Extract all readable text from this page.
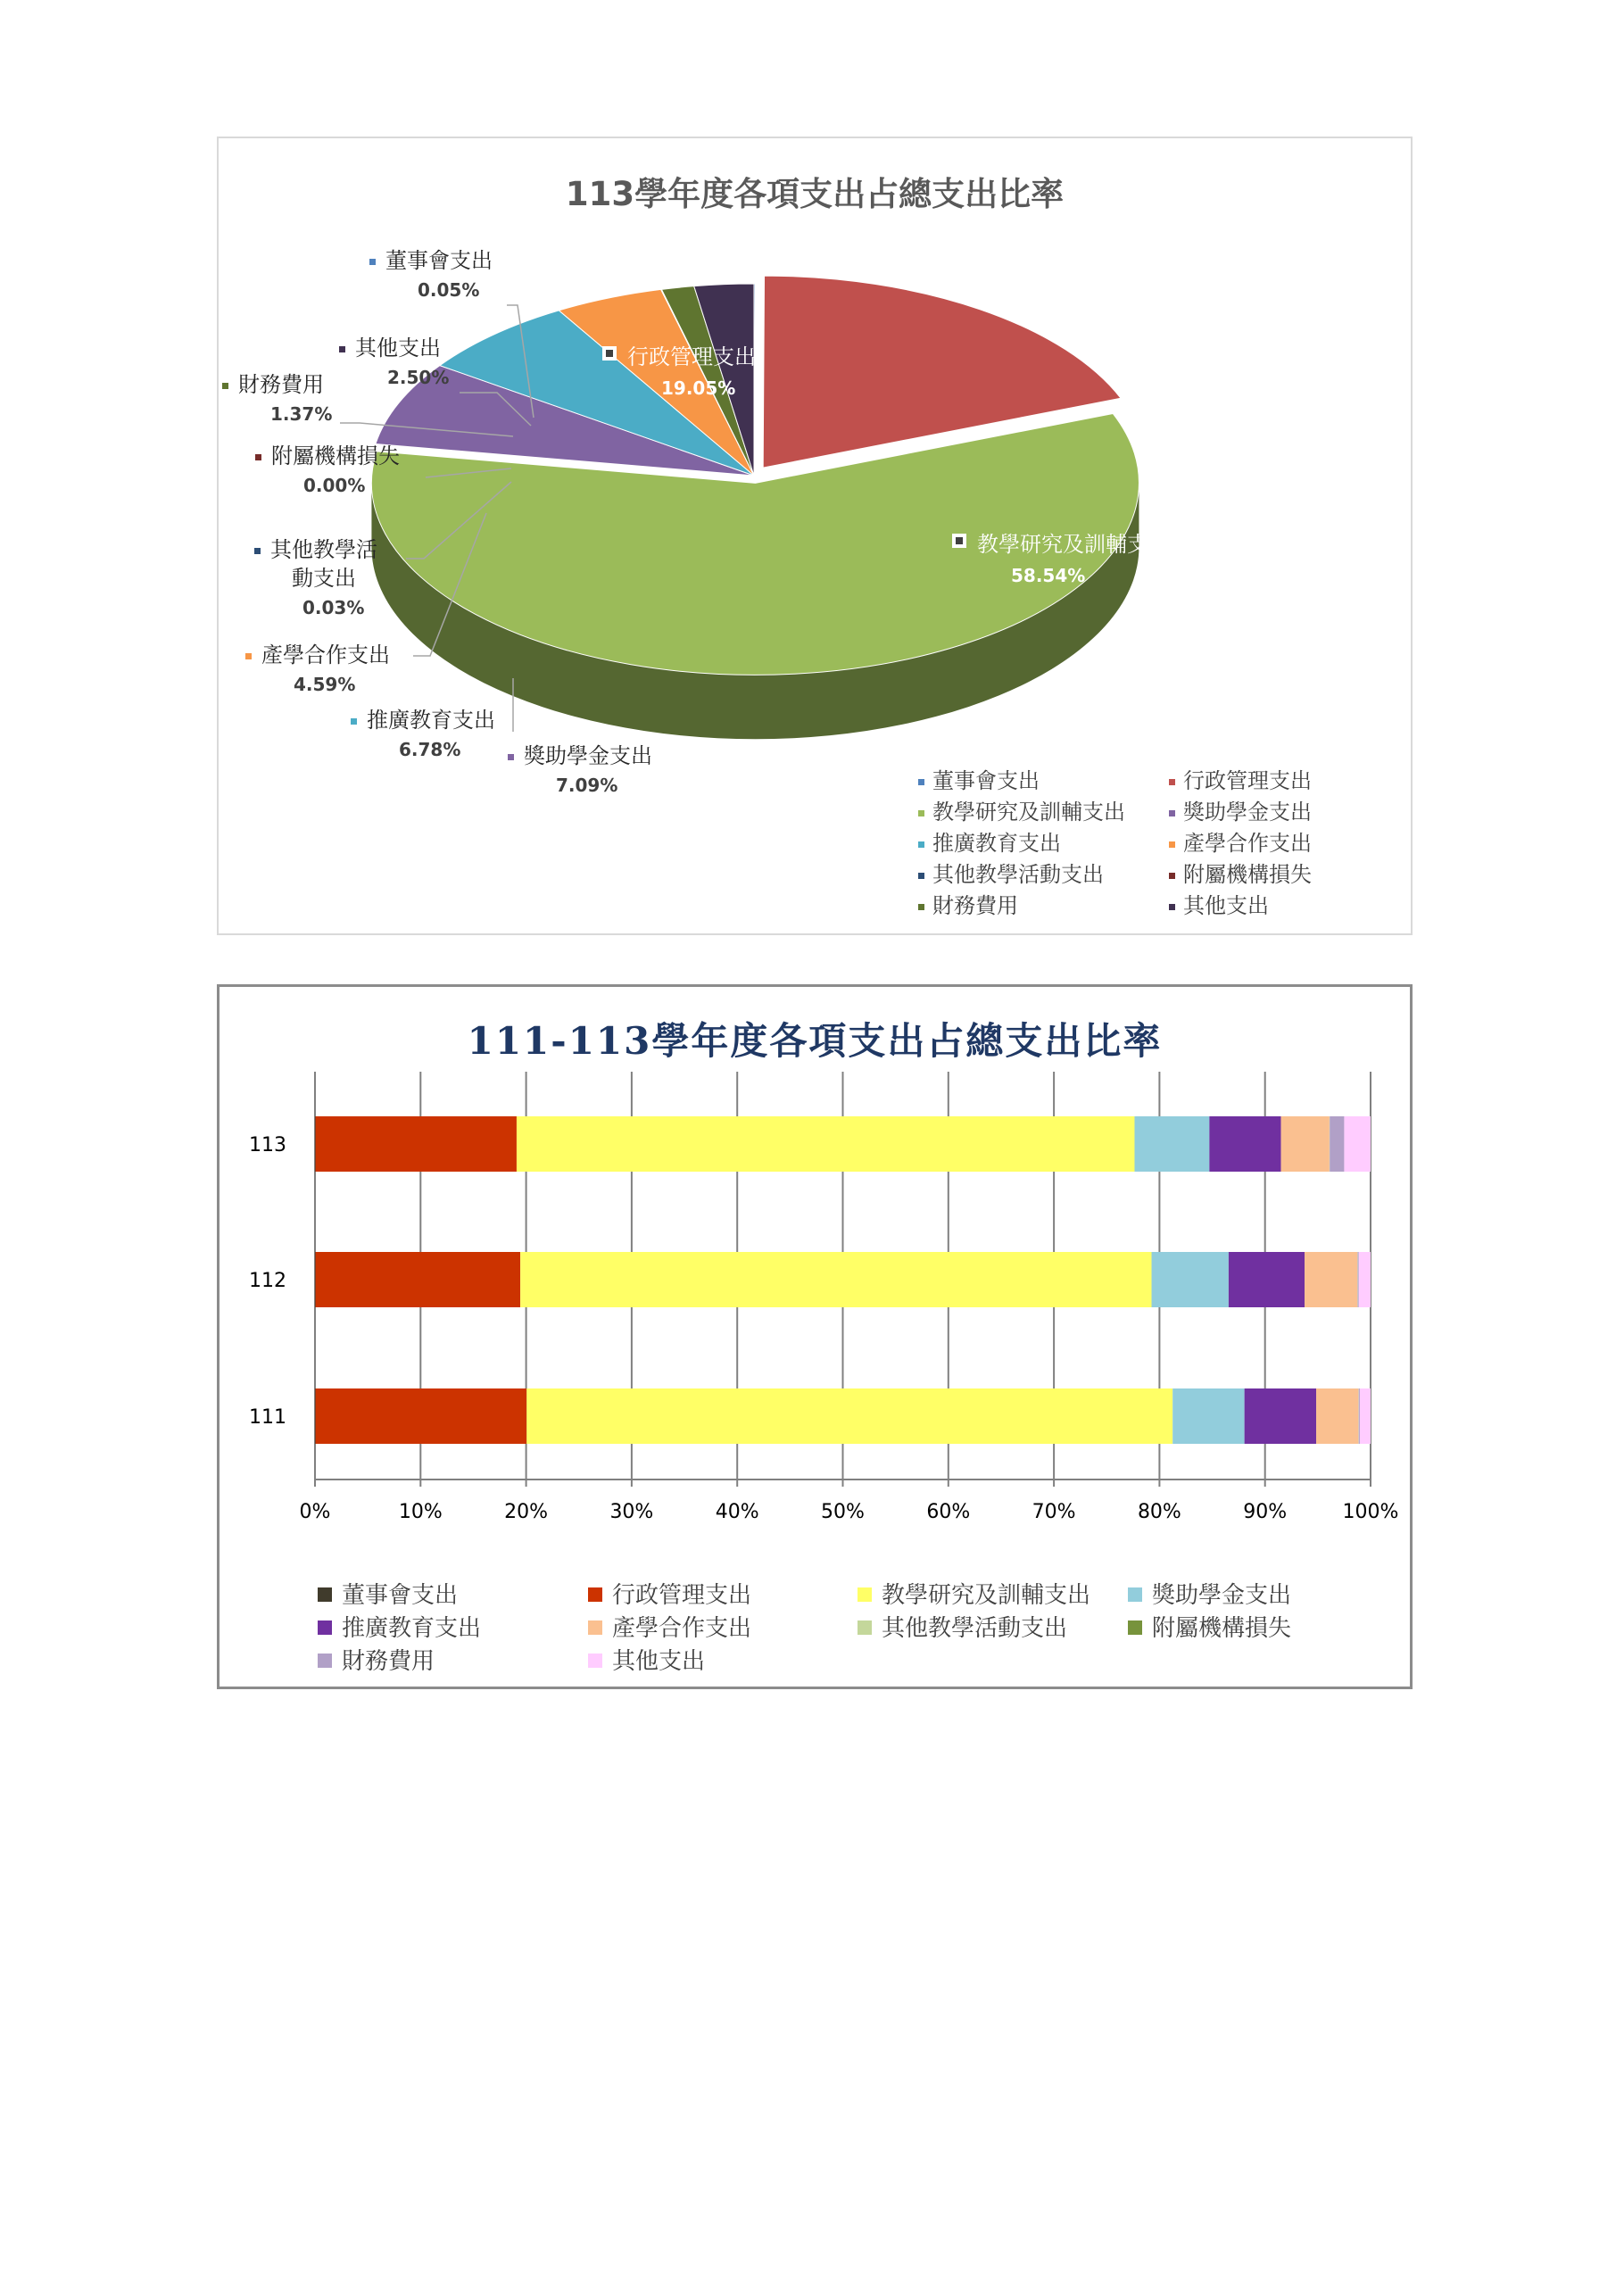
113學年度各項支出占總支出比率
董事會支出
0.05%
其他支出
2.50%
財務費用
1.37%
附屬機構損失
0.00%
其他教學活
動支出
0.03%
產學合作支出
4.59%
推廣教育支出
6.78%	獎助學金支出
7.09%
行政管理支出
19.05%
教學研究及訓輔支出
58.54%
董事會支出	行政管理支出
教學研究及訓輔支出	獎助學金支出
推廣教育支出	產學合作支出
其他教學活動支出	附屬機構損失
財務費用	其他支出
111-113學年度各項支出占總支出比率
0%	10%	20%	30%	40%	50%	60%	70%	80%	90%	100%
113
112
111
董事會支出	行政管理支出	教學研究及訓輔支出	獎助學金支出
推廣教育支出	產學合作支出	其他教學活動支出	附屬機構損失
財務費用	其他支出
